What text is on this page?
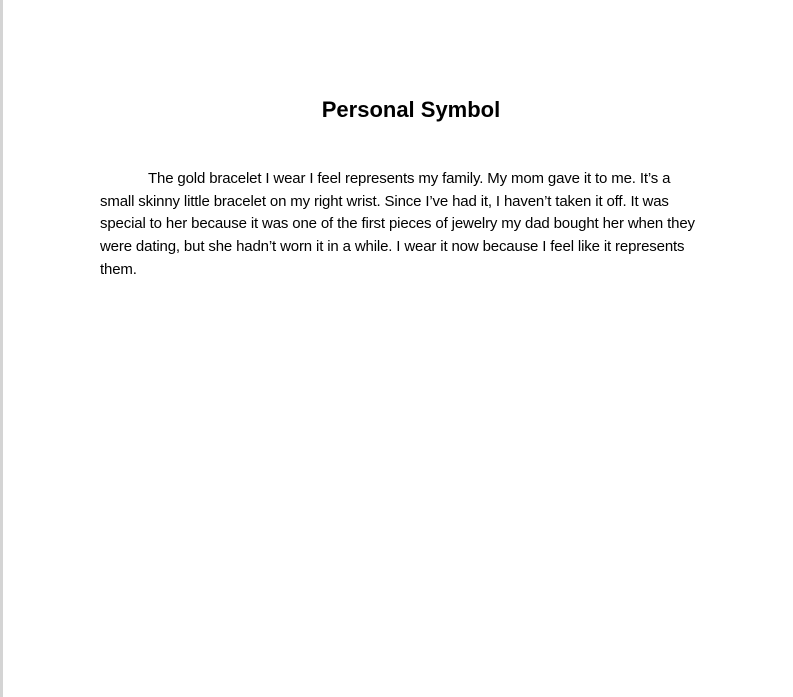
Personal Symbol

The gold bracelet I wear I feel represents my family. My mom gave it to me. It’s a small skinny little bracelet on my right wrist. Since I’ve had it, I haven’t taken it off. It was special to her because it was one of the first pieces of jewelry my dad bought her when they were dating, but she hadn’t worn it in a while. I wear it now because I feel like it represents them.
